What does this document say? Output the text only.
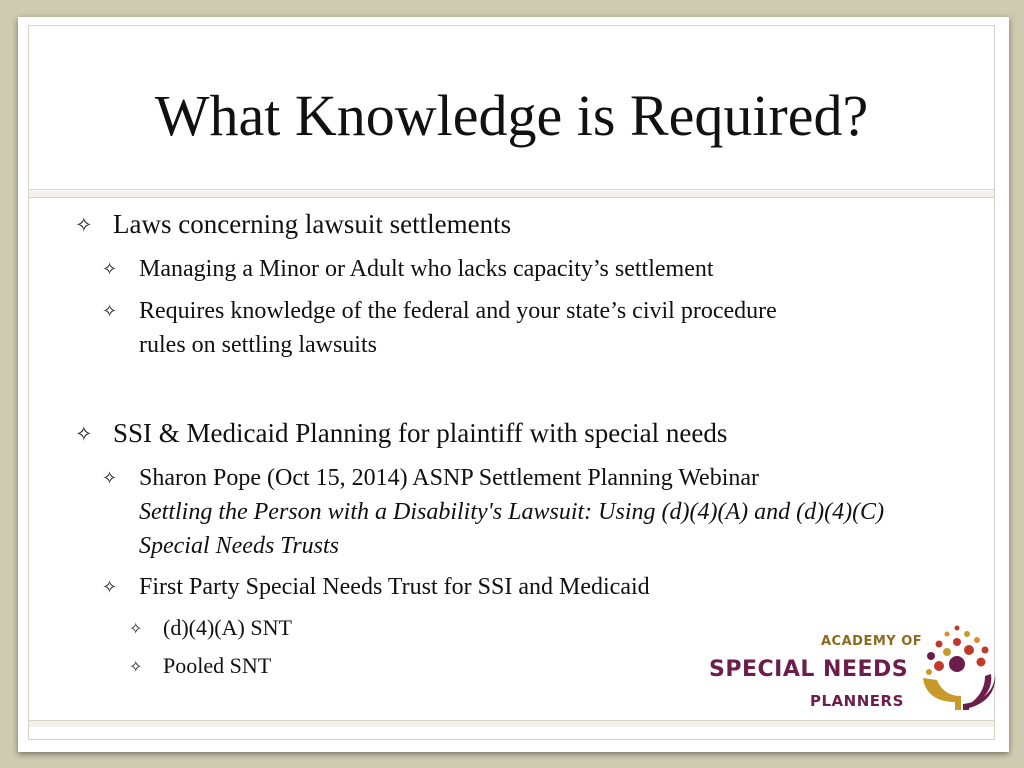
What Knowledge is Required?
✧ Laws concerning lawsuit settlements
✧ Managing a Minor or Adult who lacks capacity’s settlement
✧ Requires knowledge of the federal and your state’s civil procedure
rules on settling lawsuits
✧ SSI & Medicaid Planning for plaintiff with special needs
✧ Sharon Pope (Oct 15, 2014) ASNP Settlement Planning Webinar
Settling the Person with a Disability's Lawsuit: Using (d)(4)(A) and (d)(4)(C)
Special Needs Trusts
✧ First Party Special Needs Trust for SSI and Medicaid
✧ (d)(4)(A) SNT
✧ Pooled SNT
ACADEMY OF
SPECIAL NEEDS
PLANNERS
